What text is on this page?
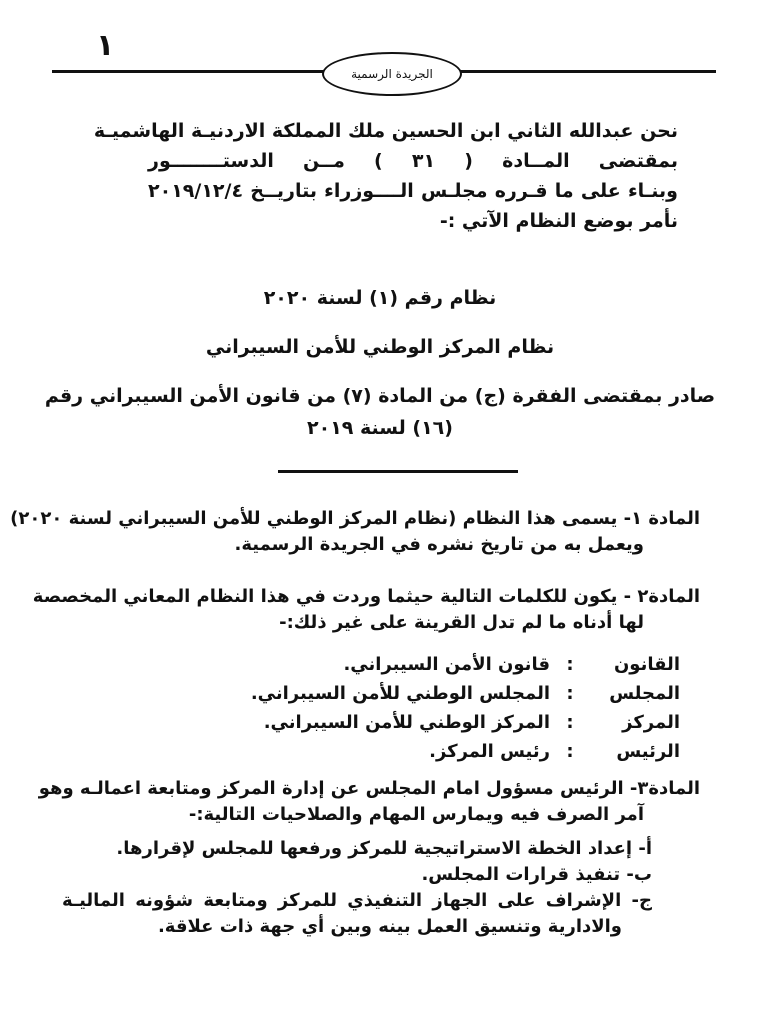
١
الجريدة الرسمية
نحن عبدالله الثاني ابن الحسين ملك المملكة الاردنيـة الهاشميـة
بمقتضى المــادة ( ٣١ ) مــن الدستــــــــور
وبنـاء على ما قـرره مجلـس الــــوزراء بتاريــخ ٢٠١٩/١٢/٤
نأمر بوضع النظام الآتي :-
نظام رقم (١) لسنة ٢٠٢٠
نظام المركز الوطني للأمن السيبراني
صادر بمقتضى الفقرة (ج) من المادة (٧) من قانون الأمن السيبراني رقم
(١٦) لسنة ٢٠١٩
المادة ١- يسمى هذا النظام (نظام المركز الوطني للأمن السيبراني لسنة ٢٠٢٠)
ويعمل به من تاريخ نشره في الجريدة الرسمية.
المادة٢ - يكون للكلمات التالية حيثما وردت في هذا النظام المعاني المخصصة
لها أدناه ما لم تدل القرينة على غير ذلك:-
القانون
:
قانون الأمن السيبراني.
المجلس
:
المجلس الوطني للأمن السيبراني.
المركز
:
المركز الوطني للأمن السيبراني.
الرئيس
:
رئيس المركز.
المادة٣- الرئيس مسؤول امام المجلس عن إدارة المركز ومتابعة اعمالـه وهو
آمر الصرف فيه ويمارس المهام والصلاحيات التالية:-
أ- إعداد الخطة الاستراتيجية للمركز ورفعها للمجلس لإقرارها.
ب- تنفيذ قرارات المجلس.
ج- الإشراف على الجهاز التنفيذي للمركز ومتابعة شؤونه الماليـة
والادارية وتنسيق العمل بينه وبين أي جهة ذات علاقة.
